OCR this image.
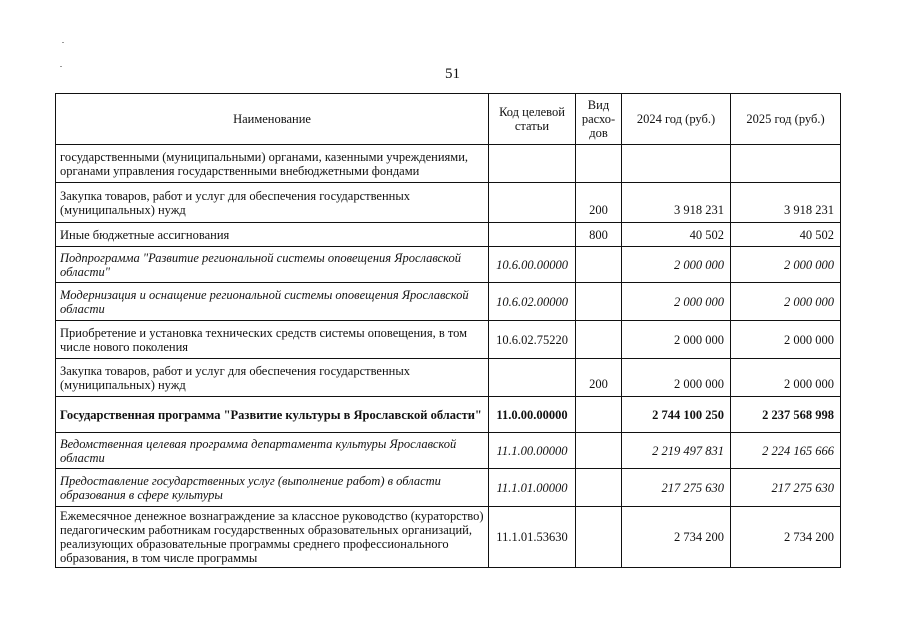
51
Наименование	Код целевой статьи	Вид расхо-дов	2024 год (руб.)	2025 год (руб.)
государственными (муниципальными) органами, казенными учреждениями, органами управления государственными внебюджетными фондами				
Закупка товаров, работ и услуг для обеспечения государственных (муниципальных) нужд		200	3 918 231	3 918 231
Иные бюджетные ассигнования		800	40 502	40 502
Подпрограмма "Развитие региональной системы оповещения Ярославской области"	10.6.00.00000		2 000 000	2 000 000
Модернизация и оснащение региональной системы оповещения Ярославской области	10.6.02.00000		2 000 000	2 000 000
Приобретение и установка технических средств системы оповещения, в том числе нового поколения	10.6.02.75220		2 000 000	2 000 000
Закупка товаров, работ и услуг для обеспечения государственных (муниципальных) нужд		200	2 000 000	2 000 000
Государственная программа "Развитие культуры в Ярославской области"	11.0.00.00000		2 744 100 250	2 237 568 998
Ведомственная целевая программа департамента культуры Ярославской области	11.1.00.00000		2 219 497 831	2 224 165 666
Предоставление государственных услуг (выполнение работ) в области образования в сфере культуры	11.1.01.00000		217 275 630	217 275 630
Ежемесячное денежное вознаграждение за классное руководство (кураторство) педагогическим работникам государственных образовательных организаций, реализующих образовательные программы среднего профессионального образования, в том числе программы	11.1.01.53630		2 734 200	2 734 200
